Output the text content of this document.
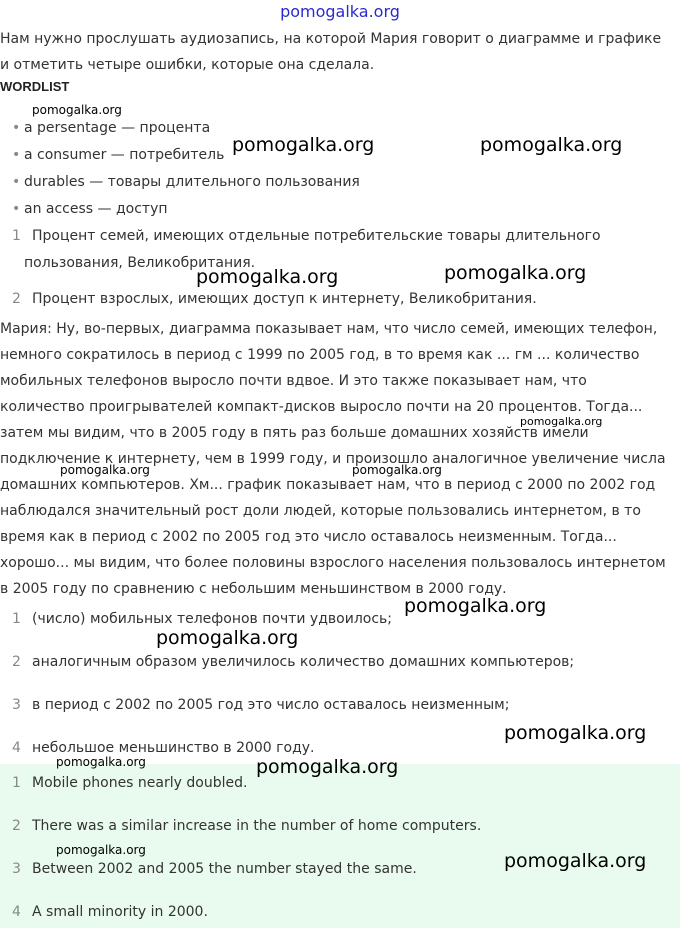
pomogalka.org

Нам нужно прослушать аудиозапись, на которой Мария говорит о диаграмме и графике и отметить четыре ошибки, которые она сделала.

WORDLIST
• a persentage — процента
• a consumer — потребитель
• durables — товары длительного пользования
• an access — доступ
1 Процент семей, имеющих отдельные потребительские товары длительного
пользования, Великобритания.
2 Процент взрослых, имеющих доступ к интернету, Великобритания.

Мария: Ну, во-первых, диаграмма показывает нам, что число семей, имеющих телефон, немного сократилось в период с 1999 по 2005 год, в то время как ... гм ... количество мобильных телефонов выросло почти вдвое. И это также показывает нам, что количество проигрывателей компакт-дисков выросло почти на 20 процентов. Тогда... затем мы видим, что в 2005 году в пять раз больше домашних хозяйств имели подключение к интернету, чем в 1999 году, и произошло аналогичное увеличение числа домашних компьютеров. Хм... график показывает нам, что в период с 2000 по 2002 год наблюдался значительный рост доли людей, которые пользовались интернетом, в то время как в период с 2002 по 2005 год это число оставалось неизменным. Тогда... хорошо... мы видим, что более половины взрослого населения пользовалось интернетом в 2005 году по сравнению с небольшим меньшинством в 2000 году.

1 (число) мобильных телефонов почти удвоилось;
2 аналогичным образом увеличилось количество домашних компьютеров;
3 в период с 2002 по 2005 год это число оставалось неизменным;
4 небольшое меньшинство в 2000 году.
1 Mobile phones nearly doubled.
2 There was a similar increase in the number of home computers.
3 Between 2002 and 2005 the number stayed the same.
4 A small minority in 2000.
pomogalka.org
pomogalka.org	pomogalka.org
pomogalka.org	pomogalka.org
pomogalka.org
pomogalka.org	pomogalka.org
pomogalka.org
pomogalka.org
pomogalka.org
pomogalka.org	pomogalka.org
pomogalka.org	pomogalka.org
